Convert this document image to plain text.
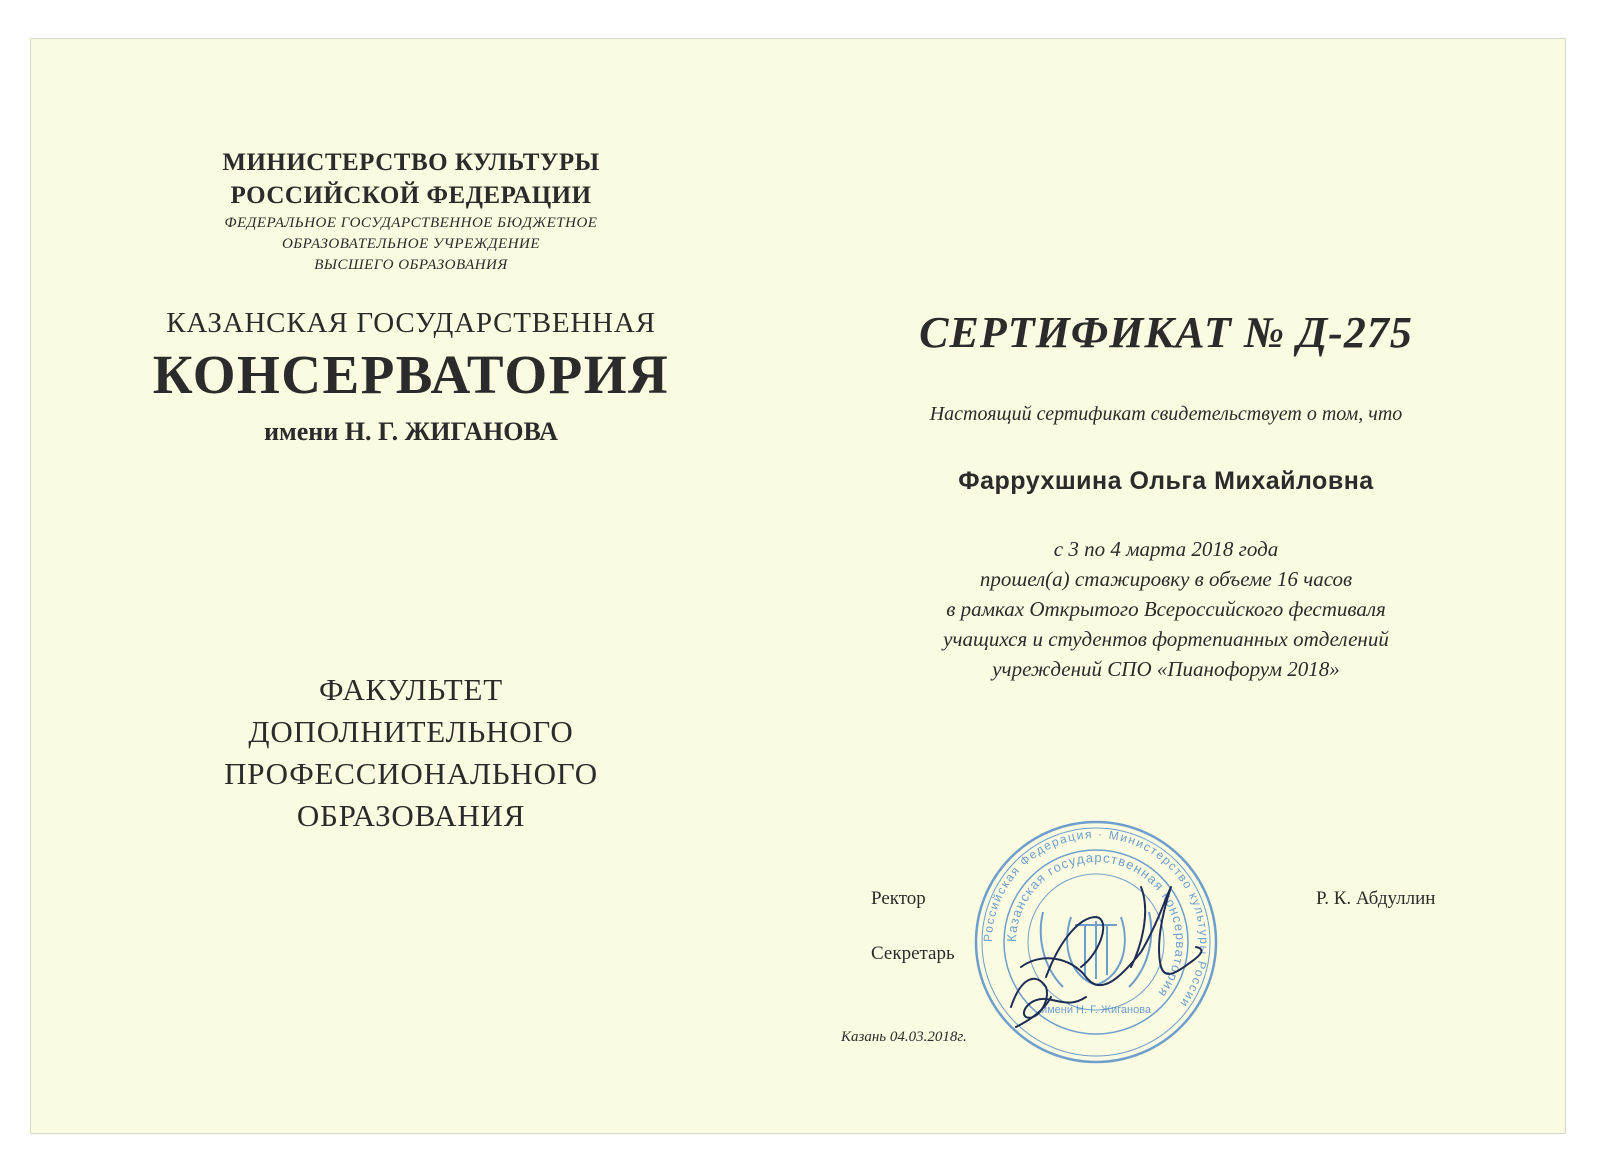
МИНИСТЕРСТВО КУЛЬТУРЫ
РОССИЙСКОЙ ФЕДЕРАЦИИ
ФЕДЕРАЛЬНОЕ ГОСУДАРСТВЕННОЕ БЮДЖЕТНОЕ
ОБРАЗОВАТЕЛЬНОЕ УЧРЕЖДЕНИЕ
ВЫСШЕГО ОБРАЗОВАНИЯ
КАЗАНСКАЯ ГОСУДАРСТВЕННАЯ
КОНСЕРВАТОРИЯ
имени Н. Г. ЖИГАНОВА
ФАКУЛЬТЕТ
ДОПОЛНИТЕЛЬНОГО
ПРОФЕССИОНАЛЬНОГО
ОБРАЗОВАНИЯ
СЕРТИФИКАТ № Д-275
Настоящий сертификат свидетельствует о том, что
Фаррухшина Ольга Михайловна
с 3 по 4 марта 2018 года
прошел(а) стажировку в объеме 16 часов
в рамках Открытого Всероссийского фестиваля
учащихся и студентов фортепианных отделений
учреждений СПО «Пианофорум 2018»
Российская Федерация · Министерство культуры России
Казанская государственная консерватория
имени Н. Г. Жиганова
Ректор	Р. К. Абдуллин
Секретарь
Казань 04.03.2018г.
